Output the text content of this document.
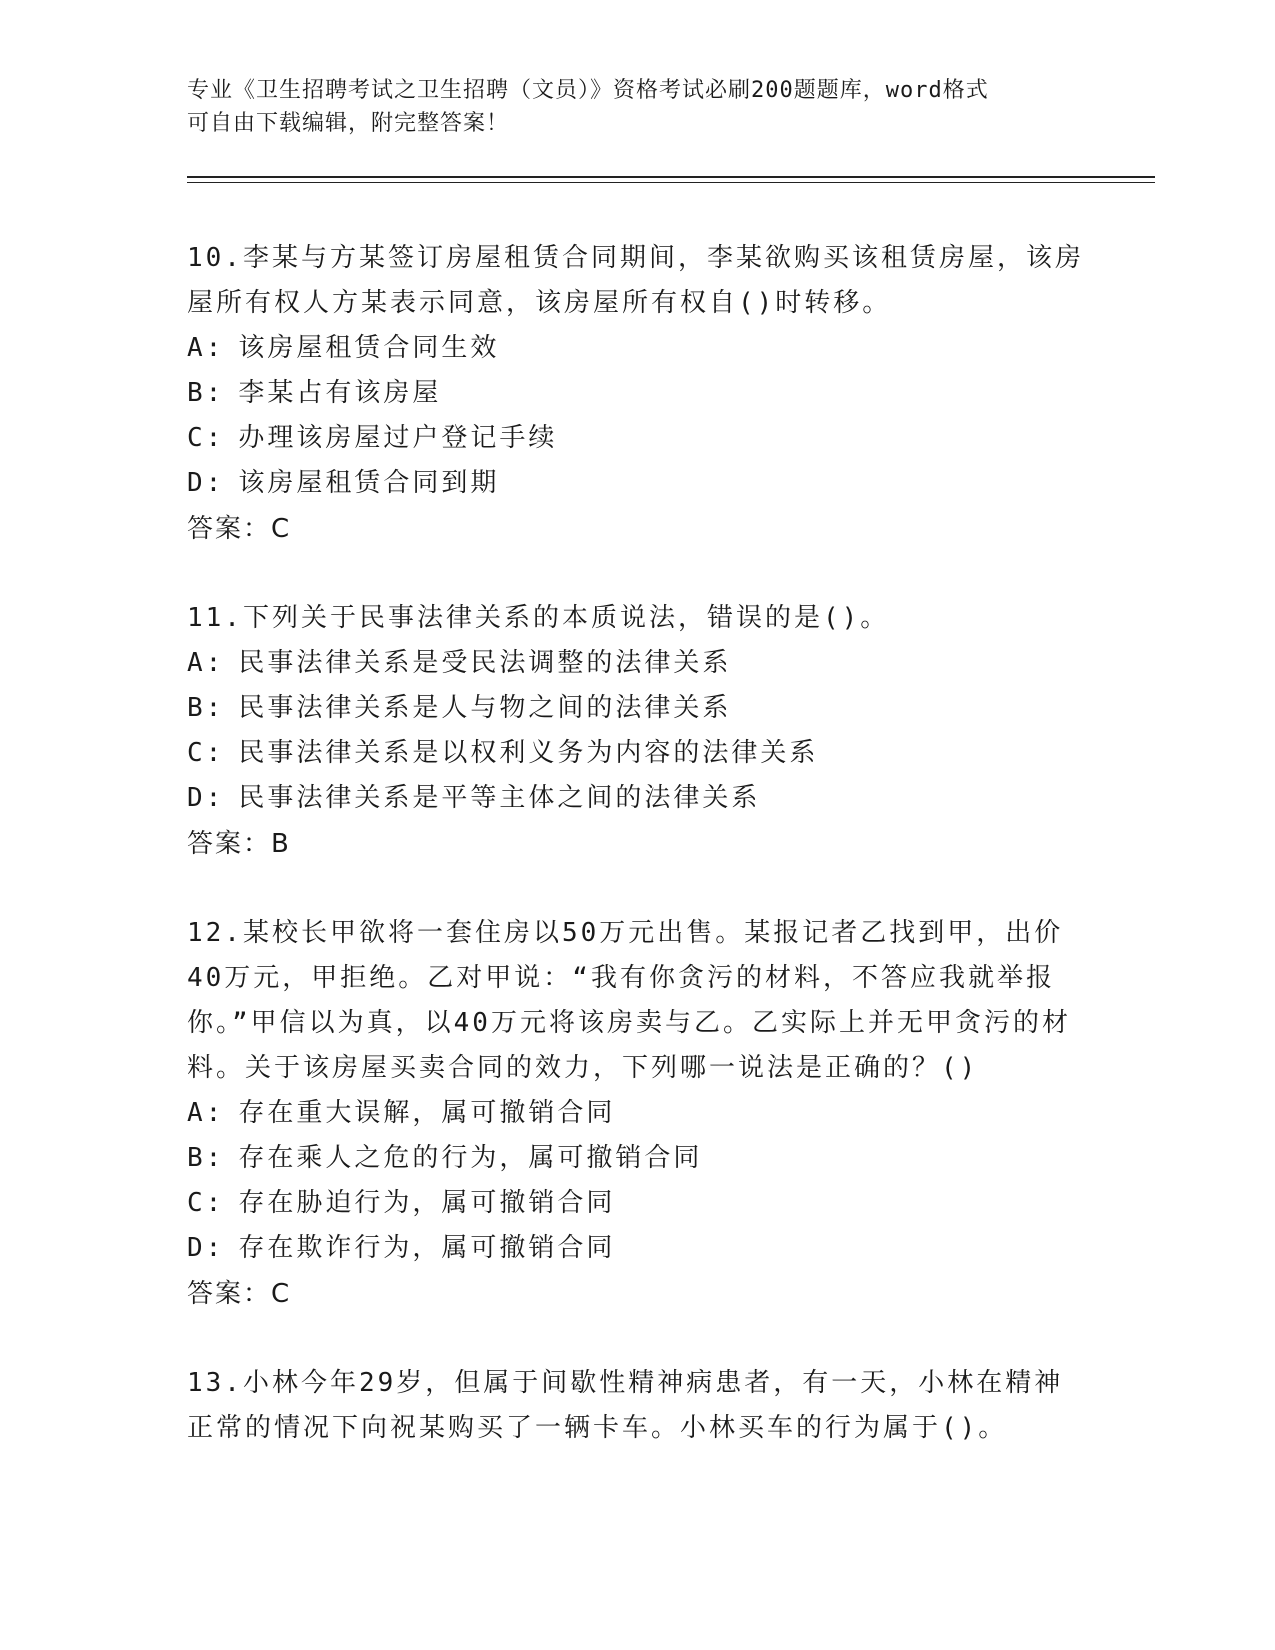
专业《卫生招聘考试之卫生招聘（文员）》资格考试必刷200题题库，word格式
可自由下载编辑，附完整答案！

10.李某与方某签订房屋租赁合同期间，李某欲购买该租赁房屋，该房屋所有权人方某表示同意，该房屋所有权自()时转移。

A: 该房屋租赁合同生效

B: 李某占有该房屋

C: 办理该房屋过户登记手续

D: 该房屋租赁合同到期

答案：C

11.下列关于民事法律关系的本质说法，错误的是()。

A: 民事法律关系是受民法调整的法律关系

B: 民事法律关系是人与物之间的法律关系

C: 民事法律关系是以权利义务为内容的法律关系

D: 民事法律关系是平等主体之间的法律关系

答案：B

12.某校长甲欲将一套住房以50万元出售。某报记者乙找到甲，出价40万元，甲拒绝。乙对甲说：“我有你贪污的材料，不答应我就举报你。”甲信以为真，以40万元将该房卖与乙。乙实际上并无甲贪污的材料。关于该房屋买卖合同的效力，下列哪一说法是正确的？()

A: 存在重大误解，属可撤销合同

B: 存在乘人之危的行为，属可撤销合同

C: 存在胁迫行为，属可撤销合同

D: 存在欺诈行为，属可撤销合同

答案：C

13.小林今年29岁，但属于间歇性精神病患者，有一天，小林在精神正常的情况下向祝某购买了一辆卡车。小林买车的行为属于()。
